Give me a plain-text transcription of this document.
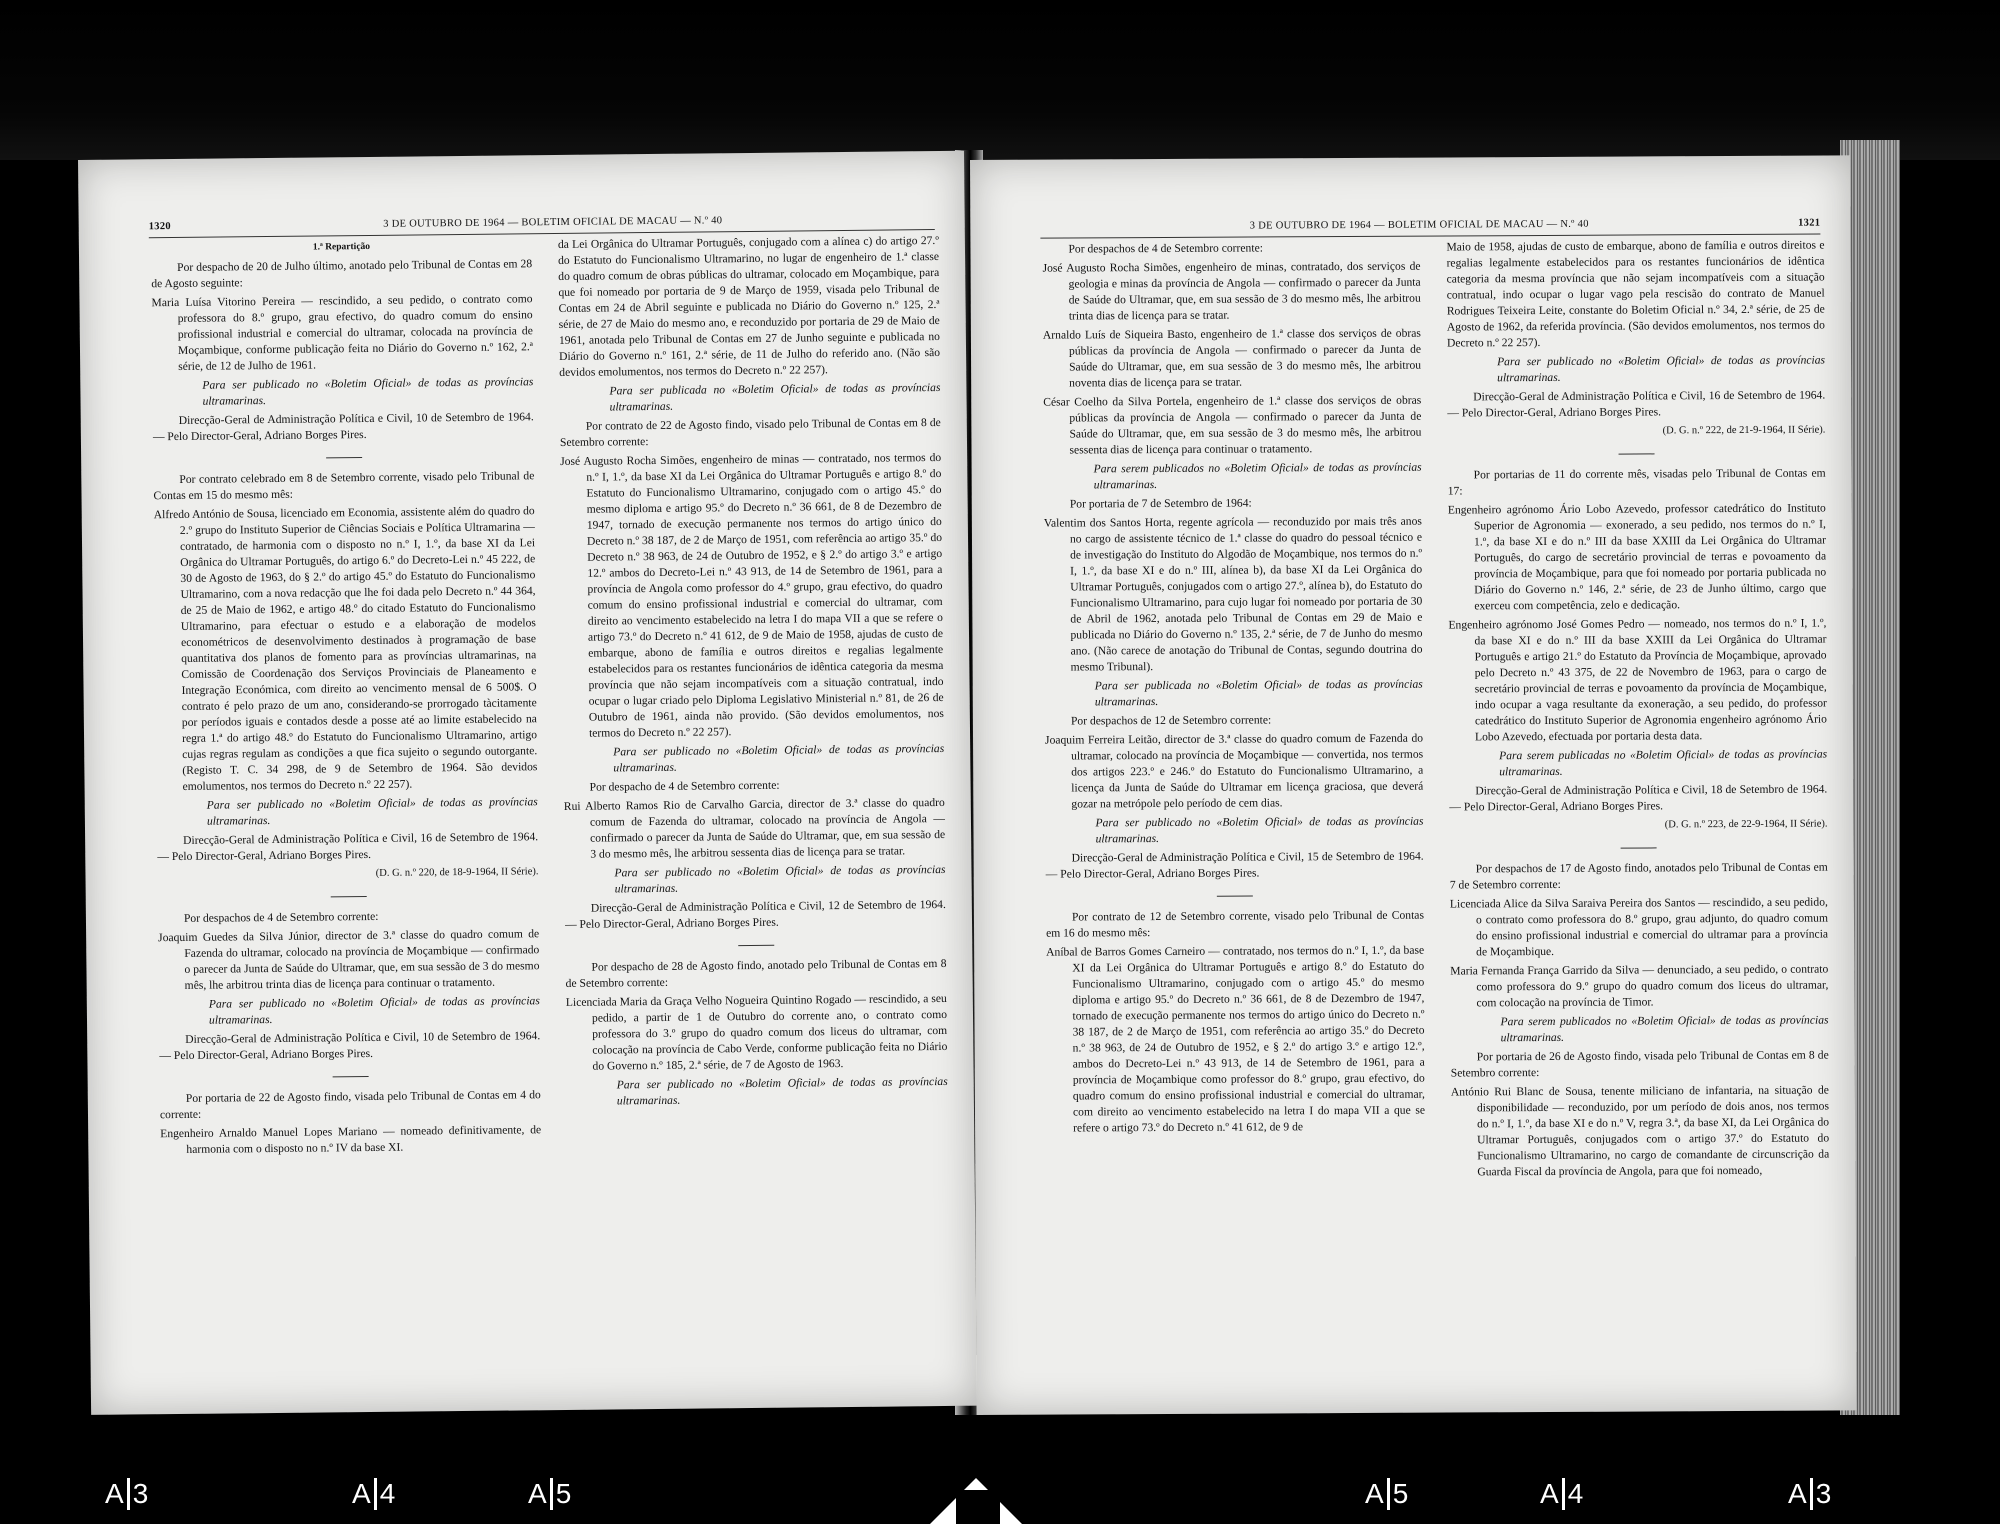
1320	3 DE OUTUBRO DE 1964 — BOLETIM OFICIAL DE MACAU — N.º 40

1.ª Repartição

Por despacho de 20 de Julho último, anotado pelo Tribunal de Contas em 28 de Agosto seguinte:

Maria Luísa Vitorino Pereira — rescindido, a seu pedido, o contrato como professora do 8.º grupo, grau efectivo, do quadro comum do ensino profissional industrial e comercial do ultramar, colocada na província de Moçambique, conforme publicação feita no Diário do Governo n.º 162, 2.ª série, de 12 de Julho de 1961.

Para ser publicado no «Boletim Oficial» de todas as províncias ultramarinas.

Direcção-Geral de Administração Política e Civil, 10 de Setembro de 1964. — Pelo Director-Geral, Adriano Borges Pires.

Por contrato celebrado em 8 de Setembro corrente, visado pelo Tribunal de Contas em 15 do mesmo mês:

Alfredo António de Sousa, licenciado em Economia, assistente além do quadro do 2.º grupo do Instituto Superior de Ciências Sociais e Política Ultramarina — contratado, de harmonia com o disposto no n.º I, 1.º, da base XI da Lei Orgânica do Ultramar Português, do artigo 6.º do Decreto-Lei n.º 45 222, de 30 de Agosto de 1963, do § 2.º do artigo 45.º do Estatuto do Funcionalismo Ultramarino, com a nova redacção que lhe foi dada pelo Decreto n.º 44 364, de 25 de Maio de 1962, e artigo 48.º do citado Estatuto do Funcionalismo Ultramarino, para efectuar o estudo e a elaboração de modelos econométricos de desenvolvimento destinados à programação de base quantitativa dos planos de fomento para as províncias ultramarinas, na Comissão de Coordenação dos Serviços Provinciais de Planeamento e Integração Económica, com direito ao vencimento mensal de 6 500$. O contrato é pelo prazo de um ano, considerando-se prorrogado tàcitamente por períodos iguais e contados desde a posse até ao limite estabelecido na regra 1.ª do artigo 48.º do Estatuto do Funcionalismo Ultramarino, artigo cujas regras regulam as condições a que fica sujeito o segundo outorgante. (Registo T. C. 34 298, de 9 de Setembro de 1964. São devidos emolumentos, nos termos do Decreto n.º 22 257).

Para ser publicado no «Boletim Oficial» de todas as províncias ultramarinas.

Direcção-Geral de Administração Política e Civil, 16 de Setembro de 1964. — Pelo Director-Geral, Adriano Borges Pires.

(D. G. n.º 220, de 18-9-1964, II Série).

Por despachos de 4 de Setembro corrente:

Joaquim Guedes da Silva Júnior, director de 3.ª classe do quadro comum de Fazenda do ultramar, colocado na província de Moçambique — confirmado o parecer da Junta de Saúde do Ultramar, que, em sua sessão de 3 do mesmo mês, lhe arbitrou trinta dias de licença para continuar o tratamento.

Para ser publicado no «Boletim Oficial» de todas as províncias ultramarinas.

Direcção-Geral de Administração Política e Civil, 10 de Setembro de 1964. — Pelo Director-Geral, Adriano Borges Pires.

Por portaria de 22 de Agosto findo, visada pelo Tribunal de Contas em 4 do corrente:

Engenheiro Arnaldo Manuel Lopes Mariano — nomeado definitivamente, de harmonia com o disposto no n.º IV da base XI.

da Lei Orgânica do Ultramar Português, conjugado com a alínea c) do artigo 27.º do Estatuto do Funcionalismo Ultramarino, no lugar de engenheiro de 1.ª classe do quadro comum de obras públicas do ultramar, colocado em Moçambique, para que foi nomeado por portaria de 9 de Março de 1959, visada pelo Tribunal de Contas em 24 de Abril seguinte e publicada no Diário do Governo n.º 125, 2.ª série, de 27 de Maio do mesmo ano, e reconduzido por portaria de 29 de Maio de 1961, anotada pelo Tribunal de Contas em 27 de Junho seguinte e publicada no Diário do Governo n.º 161, 2.ª série, de 11 de Julho do referido ano. (Não são devidos emolumentos, nos termos do Decreto n.º 22 257).

Para ser publicada no «Boletim Oficial» de todas as províncias ultramarinas.

Por contrato de 22 de Agosto findo, visado pelo Tribunal de Contas em 8 de Setembro corrente:

José Augusto Rocha Simões, engenheiro de minas — contratado, nos termos do n.º I, 1.º, da base XI da Lei Orgânica do Ultramar Português e artigo 8.º do Estatuto do Funcionalismo Ultramarino, conjugado com o artigo 45.º do mesmo diploma e artigo 95.º do Decreto n.º 36 661, de 8 de Dezembro de 1947, tornado de execução permanente nos termos do artigo único do Decreto n.º 38 187, de 2 de Março de 1951, com referência ao artigo 35.º do Decreto n.º 38 963, de 24 de Outubro de 1952, e § 2.º do artigo 3.º e artigo 12.º ambos do Decreto-Lei n.º 43 913, de 14 de Setembro de 1961, para a província de Angola como professor do 4.º grupo, grau efectivo, do quadro comum do ensino profissional industrial e comercial do ultramar, com direito ao vencimento estabelecido na letra I do mapa VII a que se refere o artigo 73.º do Decreto n.º 41 612, de 9 de Maio de 1958, ajudas de custo de embarque, abono de família e outros direitos e regalias legalmente estabelecidos para os restantes funcionários de idêntica categoria da mesma província que não sejam incompatíveis com a situação contratual, indo ocupar o lugar criado pelo Diploma Legislativo Ministerial n.º 81, de 26 de Outubro de 1961, ainda não provido. (São devidos emolumentos, nos termos do Decreto n.º 22 257).

Para ser publicado no «Boletim Oficial» de todas as províncias ultramarinas.

Por despacho de 4 de Setembro corrente:

Rui Alberto Ramos Rio de Carvalho Garcia, director de 3.ª classe do quadro comum de Fazenda do ultramar, colocado na província de Angola — confirmado o parecer da Junta de Saúde do Ultramar, que, em sua sessão de 3 do mesmo mês, lhe arbitrou sessenta dias de licença para se tratar.

Para ser publicado no «Boletim Oficial» de todas as províncias ultramarinas.

Direcção-Geral de Administração Política e Civil, 12 de Setembro de 1964. — Pelo Director-Geral, Adriano Borges Pires.

Por despacho de 28 de Agosto findo, anotado pelo Tribunal de Contas em 8 de Setembro corrente:

Licenciada Maria da Graça Velho Nogueira Quintino Rogado — rescindido, a seu pedido, a partir de 1 de Outubro do corrente ano, o contrato como professora do 3.º grupo do quadro comum dos liceus do ultramar, com colocação na província de Cabo Verde, conforme publicação feita no Diário do Governo n.º 185, 2.ª série, de 7 de Agosto de 1963.

Para ser publicado no «Boletim Oficial» de todas as províncias ultramarinas.

3 DE OUTUBRO DE 1964 — BOLETIM OFICIAL DE MACAU — N.º 40	1321

Por despachos de 4 de Setembro corrente:

José Augusto Rocha Simões, engenheiro de minas, contratado, dos serviços de geologia e minas da província de Angola — confirmado o parecer da Junta de Saúde do Ultramar, que, em sua sessão de 3 do mesmo mês, lhe arbitrou trinta dias de licença para se tratar.

Arnaldo Luís de Siqueira Basto, engenheiro de 1.ª classe dos serviços de obras públicas da província de Angola — confirmado o parecer da Junta de Saúde do Ultramar, que, em sua sessão de 3 do mesmo mês, lhe arbitrou noventa dias de licença para se tratar.

César Coelho da Silva Portela, engenheiro de 1.ª classe dos serviços de obras públicas da província de Angola — confirmado o parecer da Junta de Saúde do Ultramar, que, em sua sessão de 3 do mesmo mês, lhe arbitrou sessenta dias de licença para continuar o tratamento.

Para serem publicados no «Boletim Oficial» de todas as províncias ultramarinas.

Por portaria de 7 de Setembro de 1964:

Valentim dos Santos Horta, regente agrícola — reconduzido por mais três anos no cargo de assistente técnico de 1.ª classe do quadro do pessoal técnico e de investigação do Instituto do Algodão de Moçambique, nos termos do n.º I, 1.º, da base XI e do n.º III, alínea b), da base XI da Lei Orgânica do Ultramar Português, conjugados com o artigo 27.º, alínea b), do Estatuto do Funcionalismo Ultramarino, para cujo lugar foi nomeado por portaria de 30 de Abril de 1962, anotada pelo Tribunal de Contas em 29 de Maio e publicada no Diário do Governo n.º 135, 2.ª série, de 7 de Junho do mesmo ano. (Não carece de anotação do Tribunal de Contas, segundo doutrina do mesmo Tribunal).

Para ser publicada no «Boletim Oficial» de todas as províncias ultramarinas.

Por despachos de 12 de Setembro corrente:

Joaquim Ferreira Leitão, director de 3.ª classe do quadro comum de Fazenda do ultramar, colocado na província de Moçambique — convertida, nos termos dos artigos 223.º e 246.º do Estatuto do Funcionalismo Ultramarino, a licença da Junta de Saúde do Ultramar em licença graciosa, que deverá gozar na metrópole pelo período de cem dias.

Para ser publicado no «Boletim Oficial» de todas as províncias ultramarinas.

Direcção-Geral de Administração Política e Civil, 15 de Setembro de 1964. — Pelo Director-Geral, Adriano Borges Pires.

Por contrato de 12 de Setembro corrente, visado pelo Tribunal de Contas em 16 do mesmo mês:

Aníbal de Barros Gomes Carneiro — contratado, nos termos do n.º I, 1.º, da base XI da Lei Orgânica do Ultramar Português e artigo 8.º do Estatuto do Funcionalismo Ultramarino, conjugado com o artigo 45.º do mesmo diploma e artigo 95.º do Decreto n.º 36 661, de 8 de Dezembro de 1947, tornado de execução permanente nos termos do artigo único do Decreto n.º 38 187, de 2 de Março de 1951, com referência ao artigo 35.º do Decreto n.º 38 963, de 24 de Outubro de 1952, e § 2.º do artigo 3.º e artigo 12.º, ambos do Decreto-Lei n.º 43 913, de 14 de Setembro de 1961, para a província de Moçambique como professor do 8.º grupo, grau efectivo, do quadro comum do ensino profissional industrial e comercial do ultramar, com direito ao vencimento estabelecido na letra I do mapa VII a que se refere o artigo 73.º do Decreto n.º 41 612, de 9 de

Maio de 1958, ajudas de custo de embarque, abono de família e outros direitos e regalias legalmente estabelecidos para os restantes funcionários de idêntica categoria da mesma província que não sejam incompatíveis com a situação contratual, indo ocupar o lugar vago pela rescisão do contrato de Manuel Rodrigues Teixeira Leite, constante do Boletim Oficial n.º 34, 2.ª série, de 25 de Agosto de 1962, da referida província. (São devidos emolumentos, nos termos do Decreto n.º 22 257).

Para ser publicado no «Boletim Oficial» de todas as províncias ultramarinas.

Direcção-Geral de Administração Política e Civil, 16 de Setembro de 1964. — Pelo Director-Geral, Adriano Borges Pires.

(D. G. n.º 222, de 21-9-1964, II Série).

Por portarias de 11 do corrente mês, visadas pelo Tribunal de Contas em 17:

Engenheiro agrónomo Ário Lobo Azevedo, professor catedrático do Instituto Superior de Agronomia — exonerado, a seu pedido, nos termos do n.º I, 1.º, da base XI e do n.º III da base XXIII da Lei Orgânica do Ultramar Português, do cargo de secretário provincial de terras e povoamento da província de Moçambique, para que foi nomeado por portaria publicada no Diário do Governo n.º 146, 2.ª série, de 23 de Junho último, cargo que exerceu com competência, zelo e dedicação.

Engenheiro agrónomo José Gomes Pedro — nomeado, nos termos do n.º I, 1.º, da base XI e do n.º III da base XXIII da Lei Orgânica do Ultramar Português e artigo 21.º do Estatuto da Província de Moçambique, aprovado pelo Decreto n.º 43 375, de 22 de Novembro de 1963, para o cargo de secretário provincial de terras e povoamento da província de Moçambique, indo ocupar a vaga resultante da exoneração, a seu pedido, do professor catedrático do Instituto Superior de Agronomia engenheiro agrónomo Ário Lobo Azevedo, efectuada por portaria desta data.

Para serem publicadas no «Boletim Oficial» de todas as províncias ultramarinas.

Direcção-Geral de Administração Política e Civil, 18 de Setembro de 1964. — Pelo Director-Geral, Adriano Borges Pires.

(D. G. n.º 223, de 22-9-1964, II Série).

Por despachos de 17 de Agosto findo, anotados pelo Tribunal de Contas em 7 de Setembro corrente:

Licenciada Alice da Silva Saraiva Pereira dos Santos — rescindido, a seu pedido, o contrato como professora do 8.º grupo, grau adjunto, do quadro comum do ensino profissional industrial e comercial do ultramar para a província de Moçambique.

Maria Fernanda França Garrido da Silva — denunciado, a seu pedido, o contrato como professora do 9.º grupo do quadro comum dos liceus do ultramar, com colocação na província de Timor.

Para serem publicados no «Boletim Oficial» de todas as províncias ultramarinas.

Por portaria de 26 de Agosto findo, visada pelo Tribunal de Contas em 8 de Setembro corrente:

António Rui Blanc de Sousa, tenente miliciano de infantaria, na situação de disponibilidade — reconduzido, por um período de dois anos, nos termos do n.º I, 1.º, da base XI e do n.º V, regra 3.ª, da base XI, da Lei Orgânica do Ultramar Português, conjugados com o artigo 37.º do Estatuto do Funcionalismo Ultramarino, no cargo de comandante de circunscrição da Guarda Fiscal da província de Angola, para que foi nomeado,

A 3	A 4	A 5	A 5	A 4	A 3
